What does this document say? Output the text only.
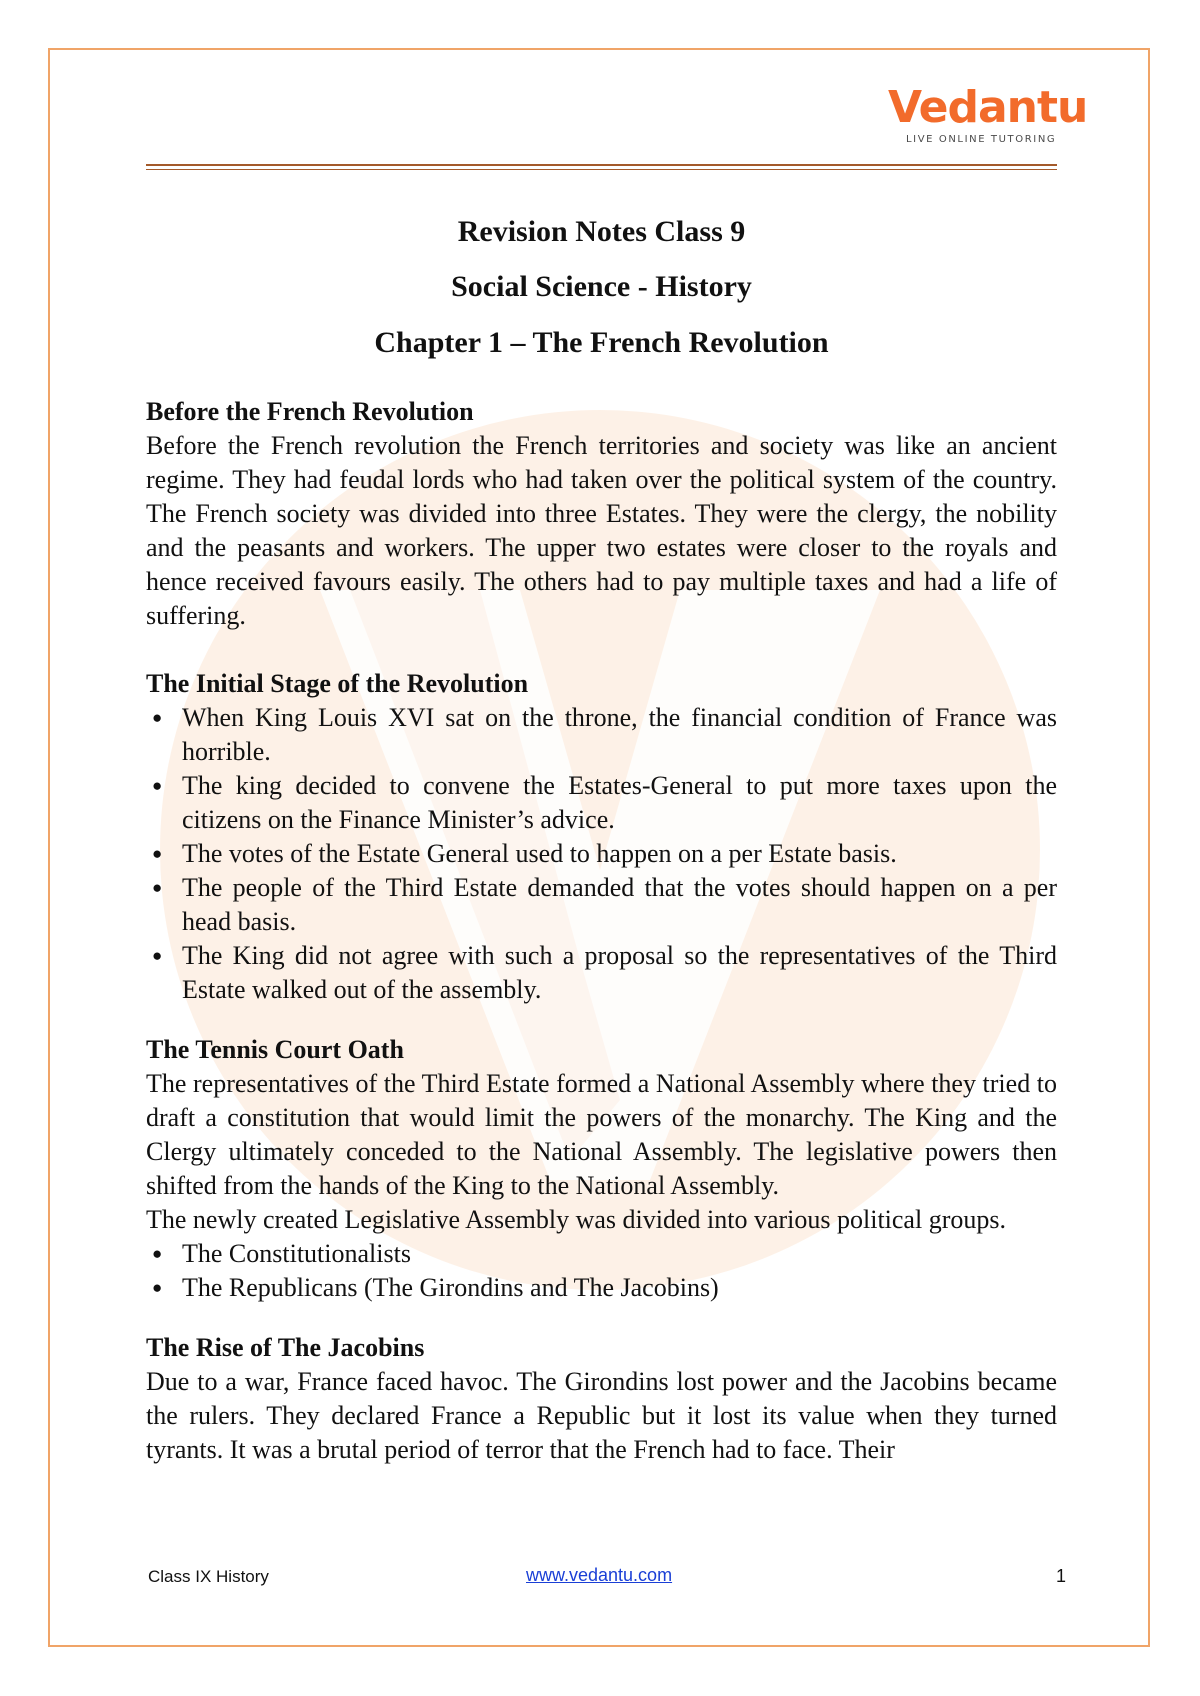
Vedantu
LIVE ONLINE TUTORING
Revision Notes Class 9
Social Science - History
Chapter 1 – The French Revolution
Before the French Revolution

Before the French revolution the French territories and society was like an ancient regime. They had feudal lords who had taken over the political system of the country. The French society was divided into three Estates. They were the clergy, the nobility and the peasants and workers. The upper two estates were closer to the royals and hence received favours easily. The others had to pay multiple taxes and had a life of suffering.

The Initial Stage of the Revolution
● When King Louis XVI sat on the throne, the financial condition of France was horrible.
● The king decided to convene the Estates-General to put more taxes upon the citizens on the Finance Minister’s advice.
● The votes of the Estate General used to happen on a per Estate basis.
● The people of the Third Estate demanded that the votes should happen on a per head basis.
● The King did not agree with such a proposal so the representatives of the Third Estate walked out of the assembly.
The Tennis Court Oath

The representatives of the Third Estate formed a National Assembly where they tried to draft a constitution that would limit the powers of the monarchy. The King and the Clergy ultimately conceded to the National Assembly. The legislative powers then shifted from the hands of the King to the National Assembly.

The newly created Legislative Assembly was divided into various political groups.

● The Constitutionalists
● The Republicans (The Girondins and The Jacobins)
The Rise of The Jacobins

Due to a war, France faced havoc. The Girondins lost power and the Jacobins became the rulers. They declared France a Republic but it lost its value when they turned tyrants. It was a brutal period of terror that the French had to face. Their

Class IX History	www.vedantu.com	1
